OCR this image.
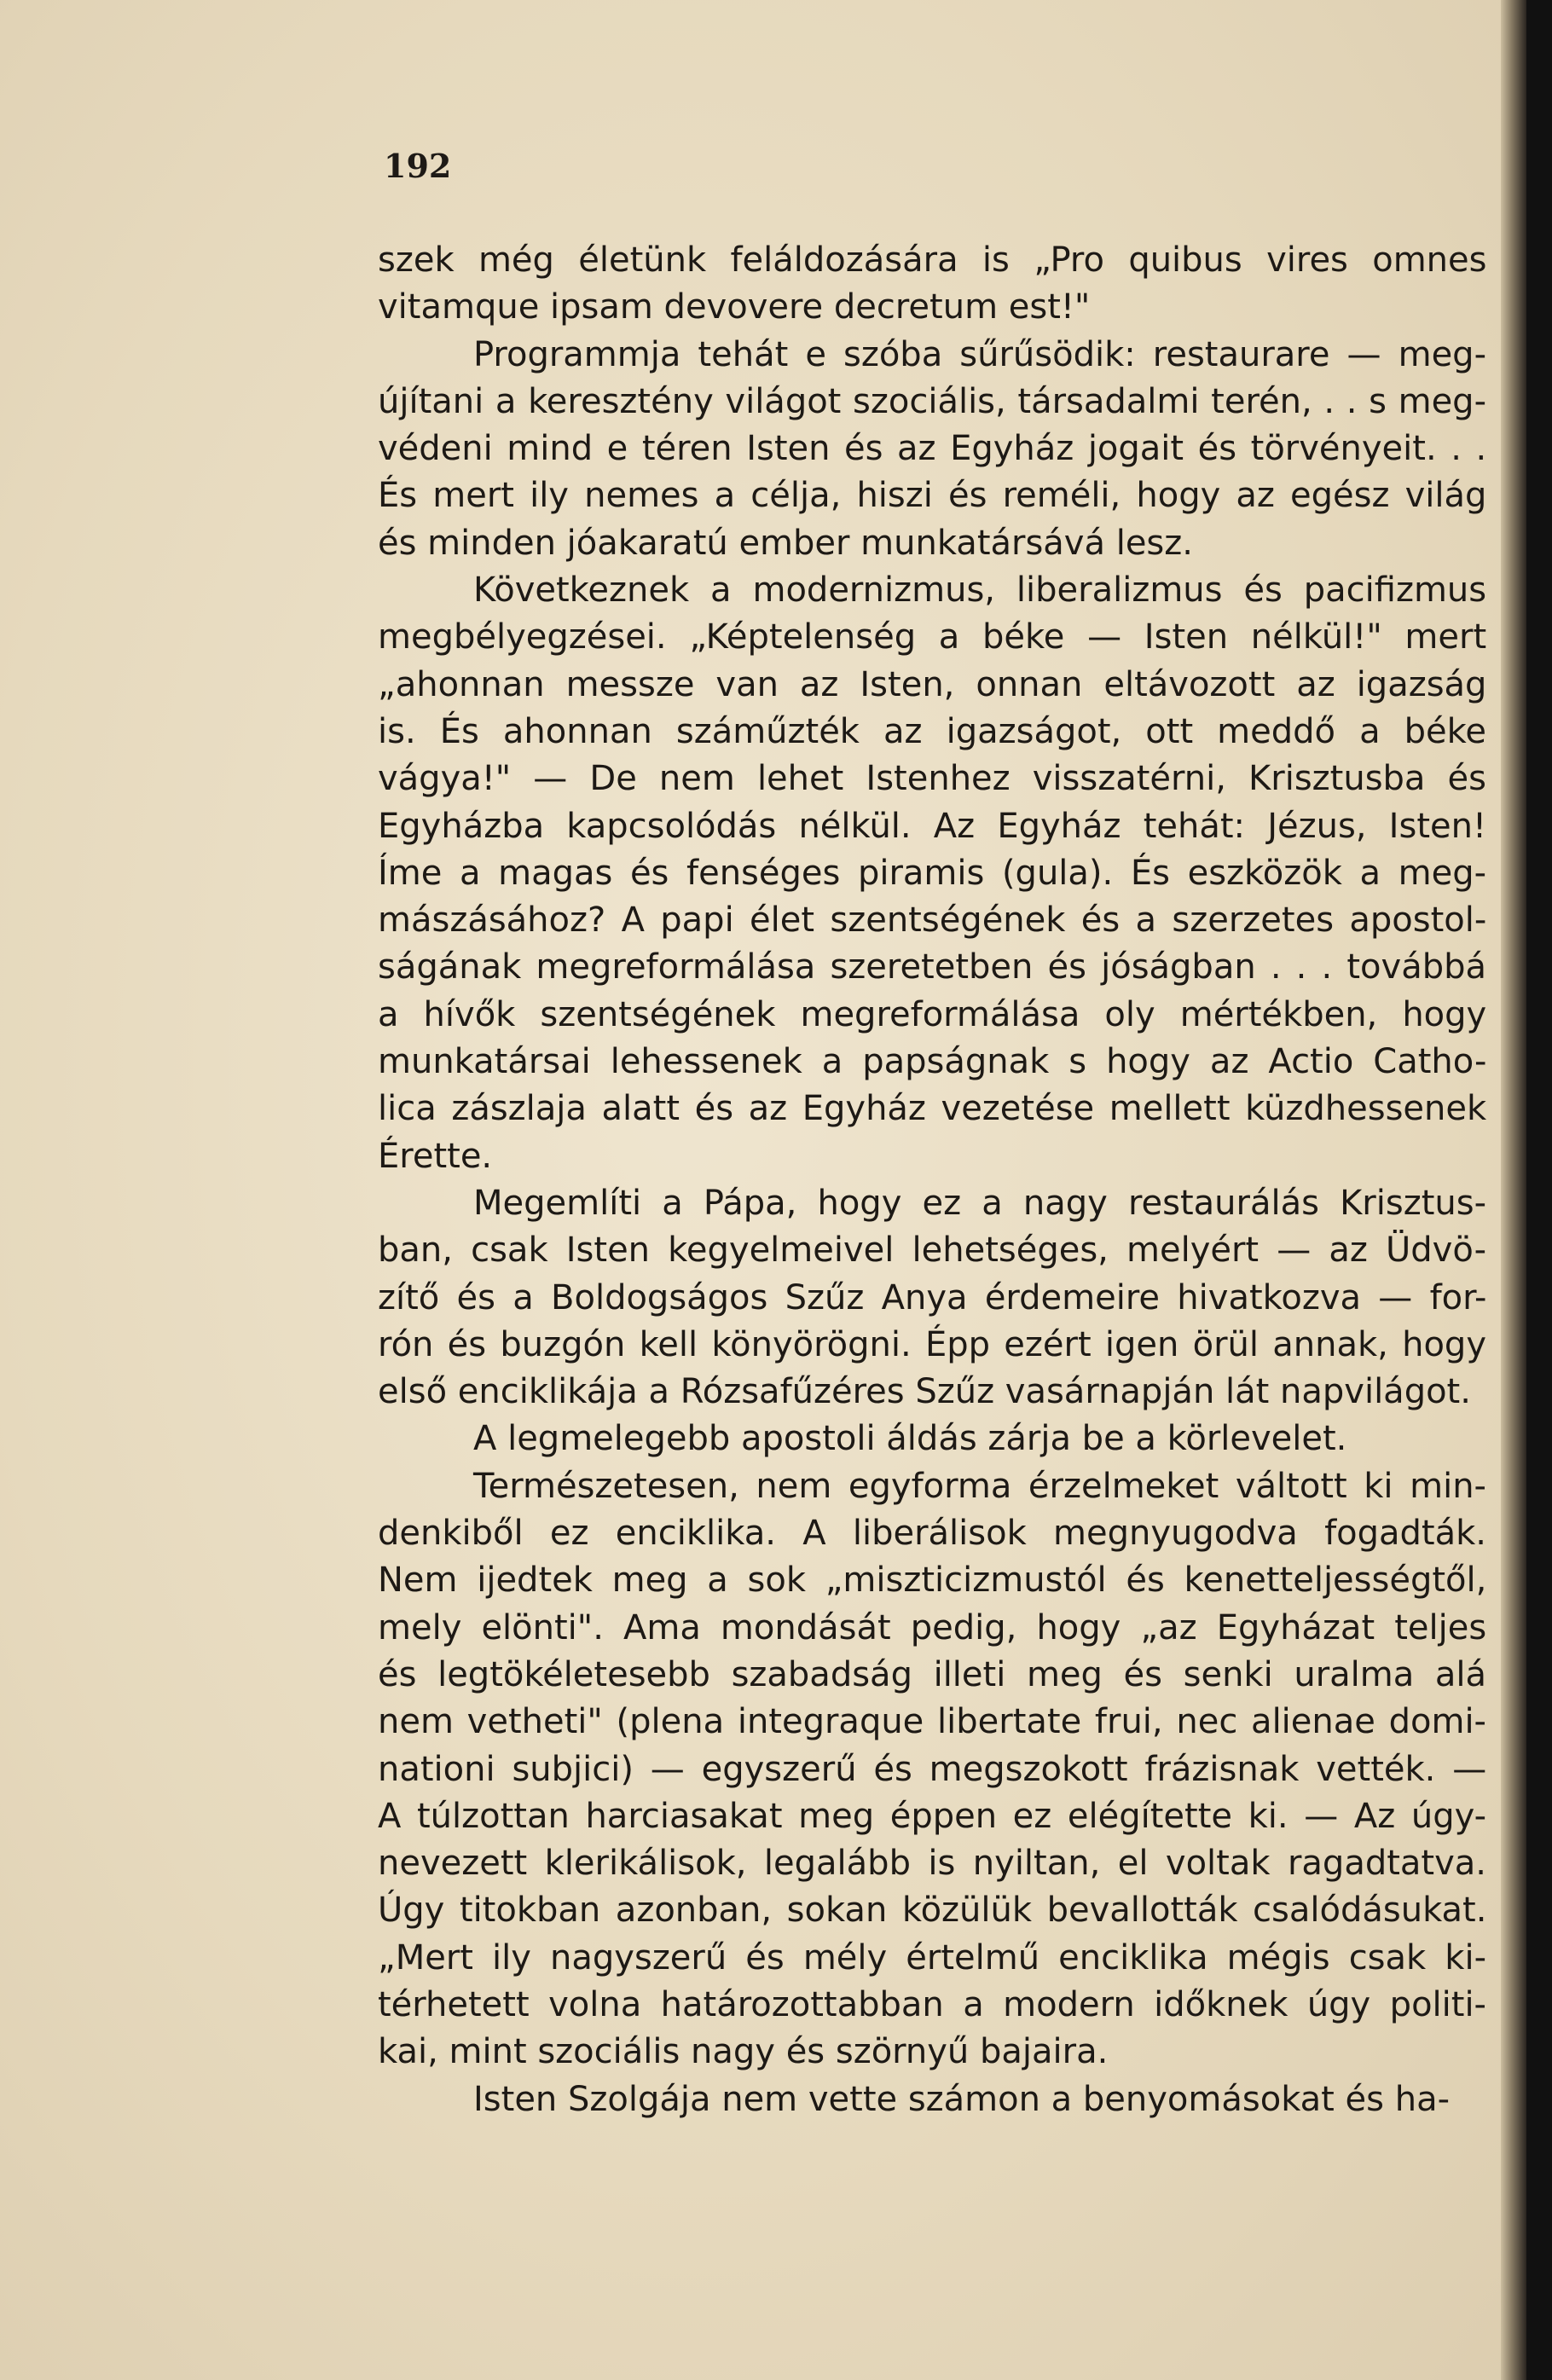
192
szek még életünk feláldozására is „Pro quibus vires omnes
vitamque ipsam devovere decretum est!"
Programmja tehát e szóba sűrűsödik: restaurare — meg-
újítani a keresztény világot szociális, társadalmi terén, . . s meg-
védeni mind e téren Isten és az Egyház jogait és törvényeit. . .
És mert ily nemes a célja, hiszi és reméli, hogy az egész világ
és minden jóakaratú ember munkatársává lesz.
Következnek a modernizmus, liberalizmus és pacifizmus
megbélyegzései. „Képtelenség a béke — Isten nélkül!" mert
„ahonnan messze van az Isten, onnan eltávozott az igazság
is. És ahonnan száműzték az igazságot, ott meddő a béke
vágya!" — De nem lehet Istenhez visszatérni, Krisztusba és
Egyházba kapcsolódás nélkül. Az Egyház tehát: Jézus, Isten!
Íme a magas és fenséges piramis (gula). És eszközök a meg-
mászásához? A papi élet szentségének és a szerzetes apostol-
ságának megreformálása szeretetben és jóságban . . . továbbá
a hívők szentségének megreformálása oly mértékben, hogy
munkatársai lehessenek a papságnak s hogy az Actio Catho-
lica zászlaja alatt és az Egyház vezetése mellett küzdhessenek
Érette.
Megemlíti a Pápa, hogy ez a nagy restaurálás Krisztus-
ban, csak Isten kegyelmeivel lehetséges, melyért — az Üdvö-
zítő és a Boldogságos Szűz Anya érdemeire hivatkozva — for-
rón és buzgón kell könyörögni. Épp ezért igen örül annak, hogy
első enciklikája a Rózsafűzéres Szűz vasárnapján lát napvilágot.
A legmelegebb apostoli áldás zárja be a körlevelet.
Természetesen, nem egyforma érzelmeket váltott ki min-
denkiből ez enciklika. A liberálisok megnyugodva fogadták.
Nem ijedtek meg a sok „miszticizmustól és kenetteljességtől,
mely elönti". Ama mondását pedig, hogy „az Egyházat teljes
és legtökéletesebb szabadság illeti meg és senki uralma alá
nem vetheti" (plena integraque libertate frui, nec alienae domi-
nationi subjici) — egyszerű és megszokott frázisnak vették. —
A túlzottan harciasakat meg éppen ez elégítette ki. — Az úgy-
nevezett klerikálisok, legalább is nyiltan, el voltak ragadtatva.
Úgy titokban azonban, sokan közülük bevallották csalódásukat.
„Mert ily nagyszerű és mély értelmű enciklika mégis csak ki-
térhetett volna határozottabban a modern időknek úgy politi-
kai, mint szociális nagy és szörnyű bajaira.
Isten Szolgája nem vette számon a benyomásokat és ha-
